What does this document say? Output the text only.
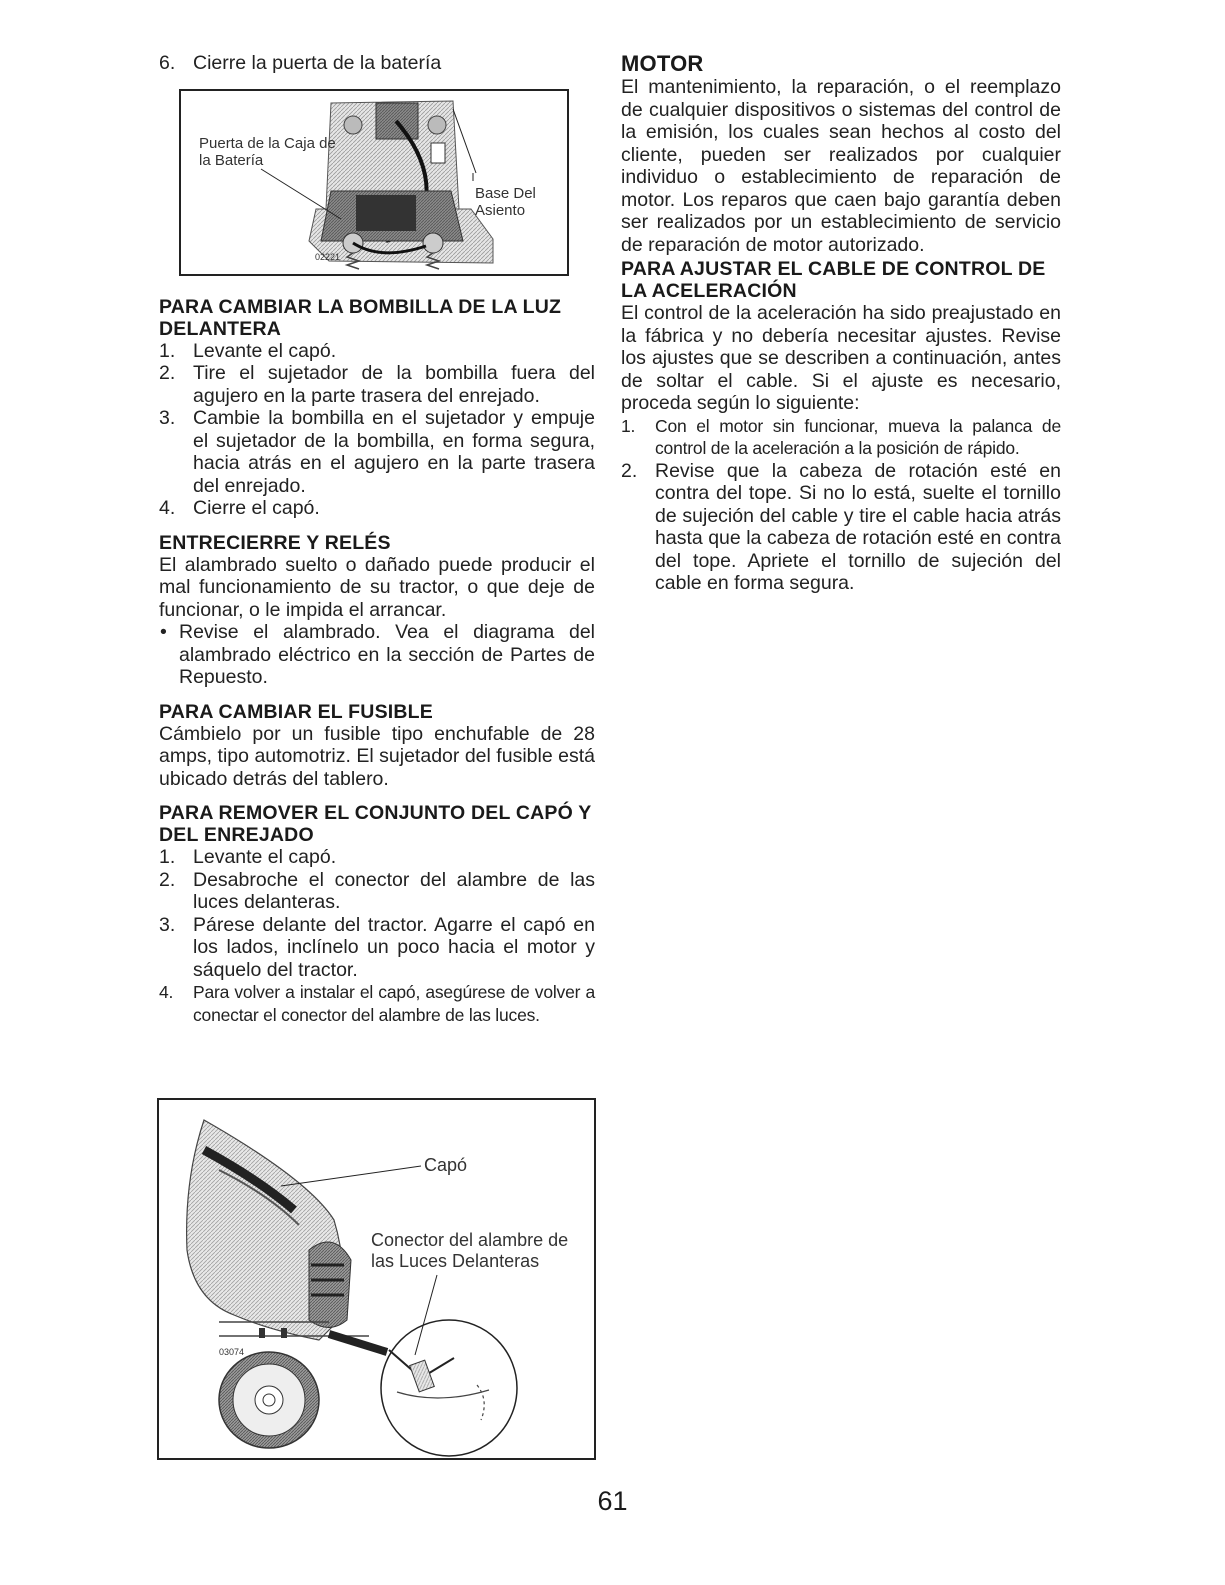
6. Cierre la puerta de la batería
Puerta de la Caja de la Batería
Base Del Asiento
02221
PARA CAMBIAR LA BOMBILLA DE LA LUZ DELANTERA
1. Levante el capó.
2. Tire el sujetador de la bombilla fuera del agujero en la parte trasera del enrejado.
3. Cambie la bombilla en el sujetador y empuje el sujetador de la bombilla, en forma segura, hacia atrás en el agujero en la parte trasera del enrejado.
4. Cierre el capó.
ENTRECIERRE Y RELÉS

El alambrado suelto o dañado puede producir el mal funcionamiento de su tractor, o que deje de funcionar, o le impida el arrancar.

• Revise el alambrado. Vea el diagrama del alambrado eléctrico en la sección de Partes de Repuesto.
PARA CAMBIAR EL FUSIBLE

Cámbielo por un fusible tipo enchufable de 28 amps, tipo automotriz. El sujetador del fusible está ubicado detrás del tablero.

PARA REMOVER EL CONJUNTO DEL CAPÓ Y DEL ENREJADO
1. Levante el capó.
2. Desabroche el conector del alambre de las luces delanteras.
3. Párese delante del tractor. Agarre el capó en los lados, inclínelo un poco hacia el motor y sáquelo del tractor.
4. Para volver a instalar el capó, asegúrese de volver a conectar el conector del alambre de las luces.
Capó
Conector del alambre de las Luces Delanteras
03074
MOTOR

El mantenimiento, la reparación, o el reemplazo de cualquier dispositivos o sistemas del control de la emisión, los cuales sean hechos al costo del cliente, pueden ser realizados por cualquier individuo o establecimiento de reparación de motor. Los reparos que caen bajo garantía deben ser realizados por un establecimiento de servicio de reparación de motor autorizado.

PARA AJUSTAR EL CABLE DE CONTROL DE LA ACELERACIÓN

El control de la aceleración ha sido preajustado en la fábrica y no debería necesitar ajustes. Revise los ajustes que se describen a continuación, antes de soltar el cable. Si el ajuste es necesario, proceda según lo siguiente:

1. Con el motor sin funcionar, mueva la palanca de control de la aceleración a la posición de rápido.
2. Revise que la cabeza de rotación esté en contra del tope. Si no lo está, suelte el tornillo de sujeción del cable y tire el cable hacia atrás hasta que la cabeza de rotación esté en contra del tope. Apriete el tornillo de sujeción del cable en forma segura.
61
